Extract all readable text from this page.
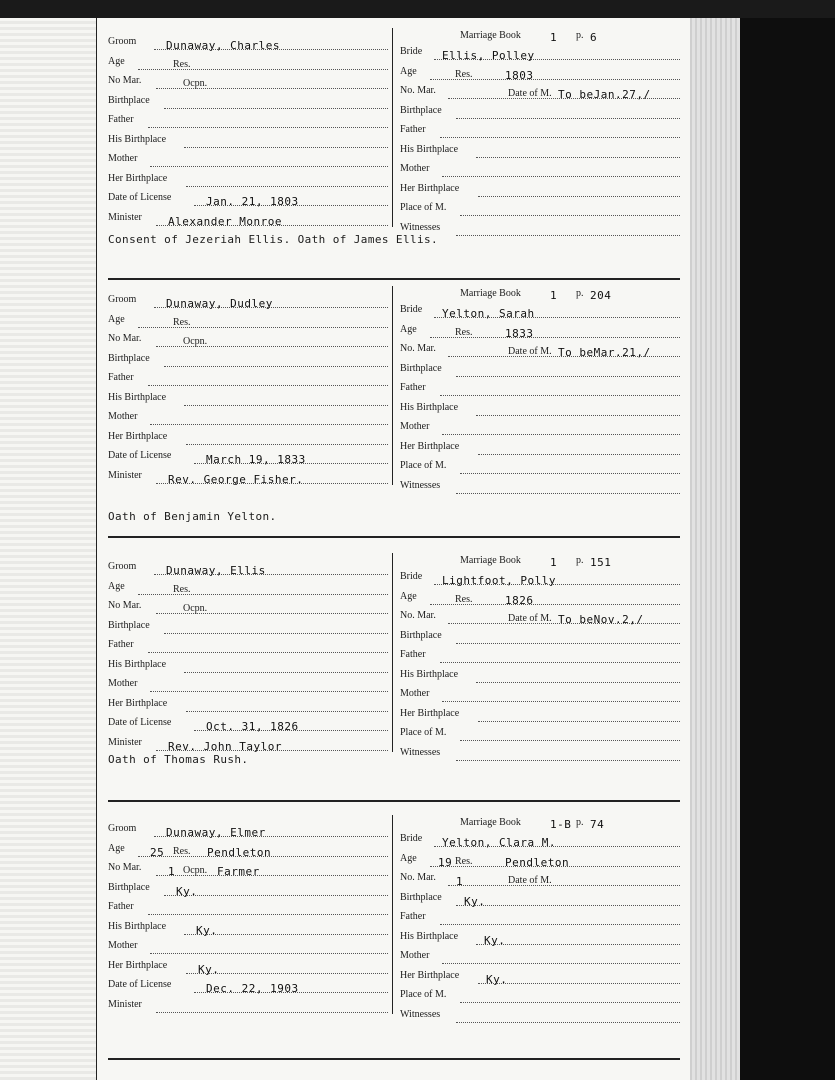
Groom	Dunaway, Charles
Age	Res.
No Mar.	Ocpn.
Birthplace
Father
His Birthplace
Mother
Her Birthplace
Date of License	Jan. 21, 1803
Minister Alexander Monroe
Marriage Book	1 p. 6
Bride Ellis, Polley
Age	Res.	1803
No. Mar.	Date of M. To beJan.27,/
Birthplace
Father
His Birthplace
Mother
Her Birthplace
Place of M.
Witnesses
Consent of Jezeriah Ellis. Oath of James Ellis.
Groom	Dunaway, Dudley
Age	Res.
No Mar.	Ocpn.
Birthplace
Father
His Birthplace
Mother
Her Birthplace
Date of License	March 19, 1833
Minister Rev. George Fisher.
Marriage Book	1 p. 204
Bride Yelton, Sarah
Age	Res.	1833
No. Mar.	Date of M. To beMar.21,/
Birthplace
Father
His Birthplace
Mother
Her Birthplace
Place of M.
Witnesses
Oath of Benjamin Yelton.
Groom	Dunaway, Ellis
Age	Res.
No Mar.	Ocpn.
Birthplace
Father
His Birthplace
Mother
Her Birthplace
Date of License	Oct. 31, 1826
Minister Rev. John Taylor
Marriage Book	1 p. 151
Bride Lightfoot, Polly
Age	Res.	1826
No. Mar.	Date of M. To beNov.2,/
Birthplace
Father
His Birthplace
Mother
Her Birthplace
Place of M.
Witnesses
Oath of Thomas Rush.
Groom	Dunaway, Elmer
Age 25 Res. Pendleton
No Mar. 1 Ocpn. Farmer
Birthplace Ky.
Father
His Birthplace	Ky.
Mother
Her Birthplace	Ky.
Date of License	Dec. 22, 1903
Minister
Marriage Book	1-B p. 74
Bride Yelton, Clara M.
Age 19 Res.	Pendleton
No. Mar. 1	Date of M.
Birthplace Ky.
Father
His Birthplace Ky.
Mother
Her Birthplace Ky.
Place of M.
Witnesses
